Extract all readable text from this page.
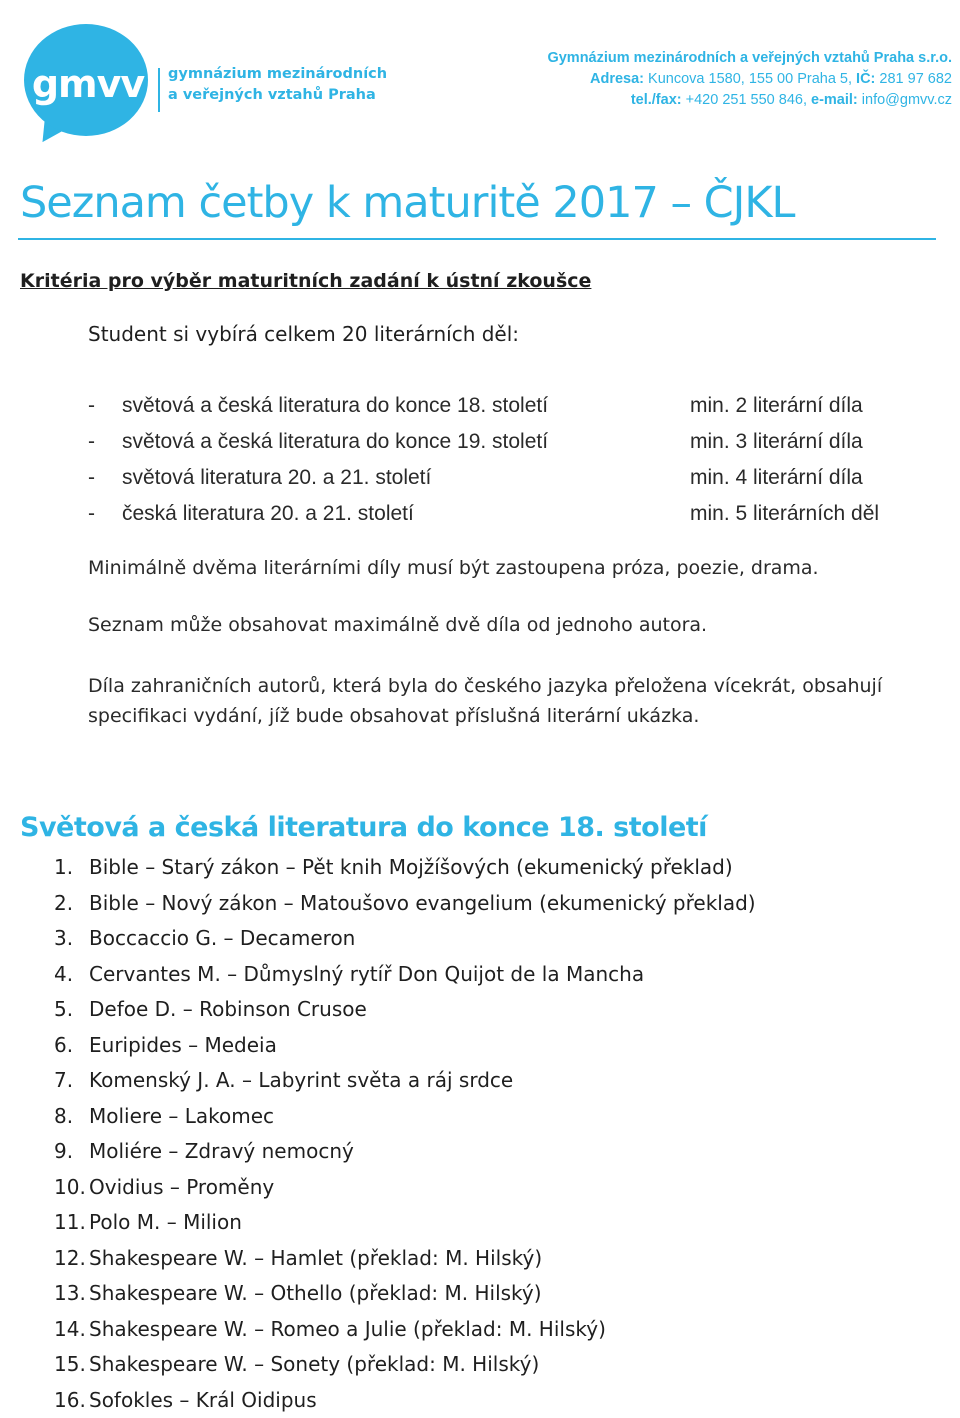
gmvv gymnázium mezinárodních
a veřejných vztahů Praha
Gymnázium mezinárodních a veřejných vztahů Praha s.r.o.
Adresa: Kuncova 1580, 155 00 Praha 5, IČ: 281 97 682
tel./fax: +420 251 550 846, e-mail: info@gmvv.cz
Seznam četby k maturitě 2017 – ČJKL
Kritéria pro výběr maturitních zadání k ústní zkoušce
Student si vybírá celkem 20 literárních děl:
- světová a česká literatura do konce 18. století	min. 2 literární díla
- světová a česká literatura do konce 19. století	min. 3 literární díla
- světová literatura 20. a 21. století	min. 4 literární díla
- česká literatura 20. a 21. století	min. 5 literárních děl

Minimálně dvěma literárními díly musí být zastoupena próza, poezie, drama.

Seznam může obsahovat maximálně dvě díla od jednoho autora.

Díla zahraničních autorů, která byla do českého jazyka přeložena vícekrát, obsahují specifikaci vydání, jíž bude obsahovat příslušná literární ukázka.

Světová a česká literatura do konce 18. století
1. Bible – Starý zákon – Pět knih Mojžíšových (ekumenický překlad)
2. Bible – Nový zákon – Matoušovo evangelium (ekumenický překlad)
3. Boccaccio G. – Decameron
4. Cervantes M. – Důmyslný rytíř Don Quijot de la Mancha
5. Defoe D. – Robinson Crusoe
6. Euripides – Medeia
7. Komenský J. A. – Labyrint světa a ráj srdce
8. Moliere – Lakomec
9. Moliére – Zdravý nemocný
10. Ovidius – Proměny
11. Polo M. – Milion
12. Shakespeare W. – Hamlet (překlad: M. Hilský)
13. Shakespeare W. – Othello (překlad: M. Hilský)
14. Shakespeare W. – Romeo a Julie (překlad: M. Hilský)
15. Shakespeare W. – Sonety (překlad: M. Hilský)
16. Sofokles – Král Oidipus
